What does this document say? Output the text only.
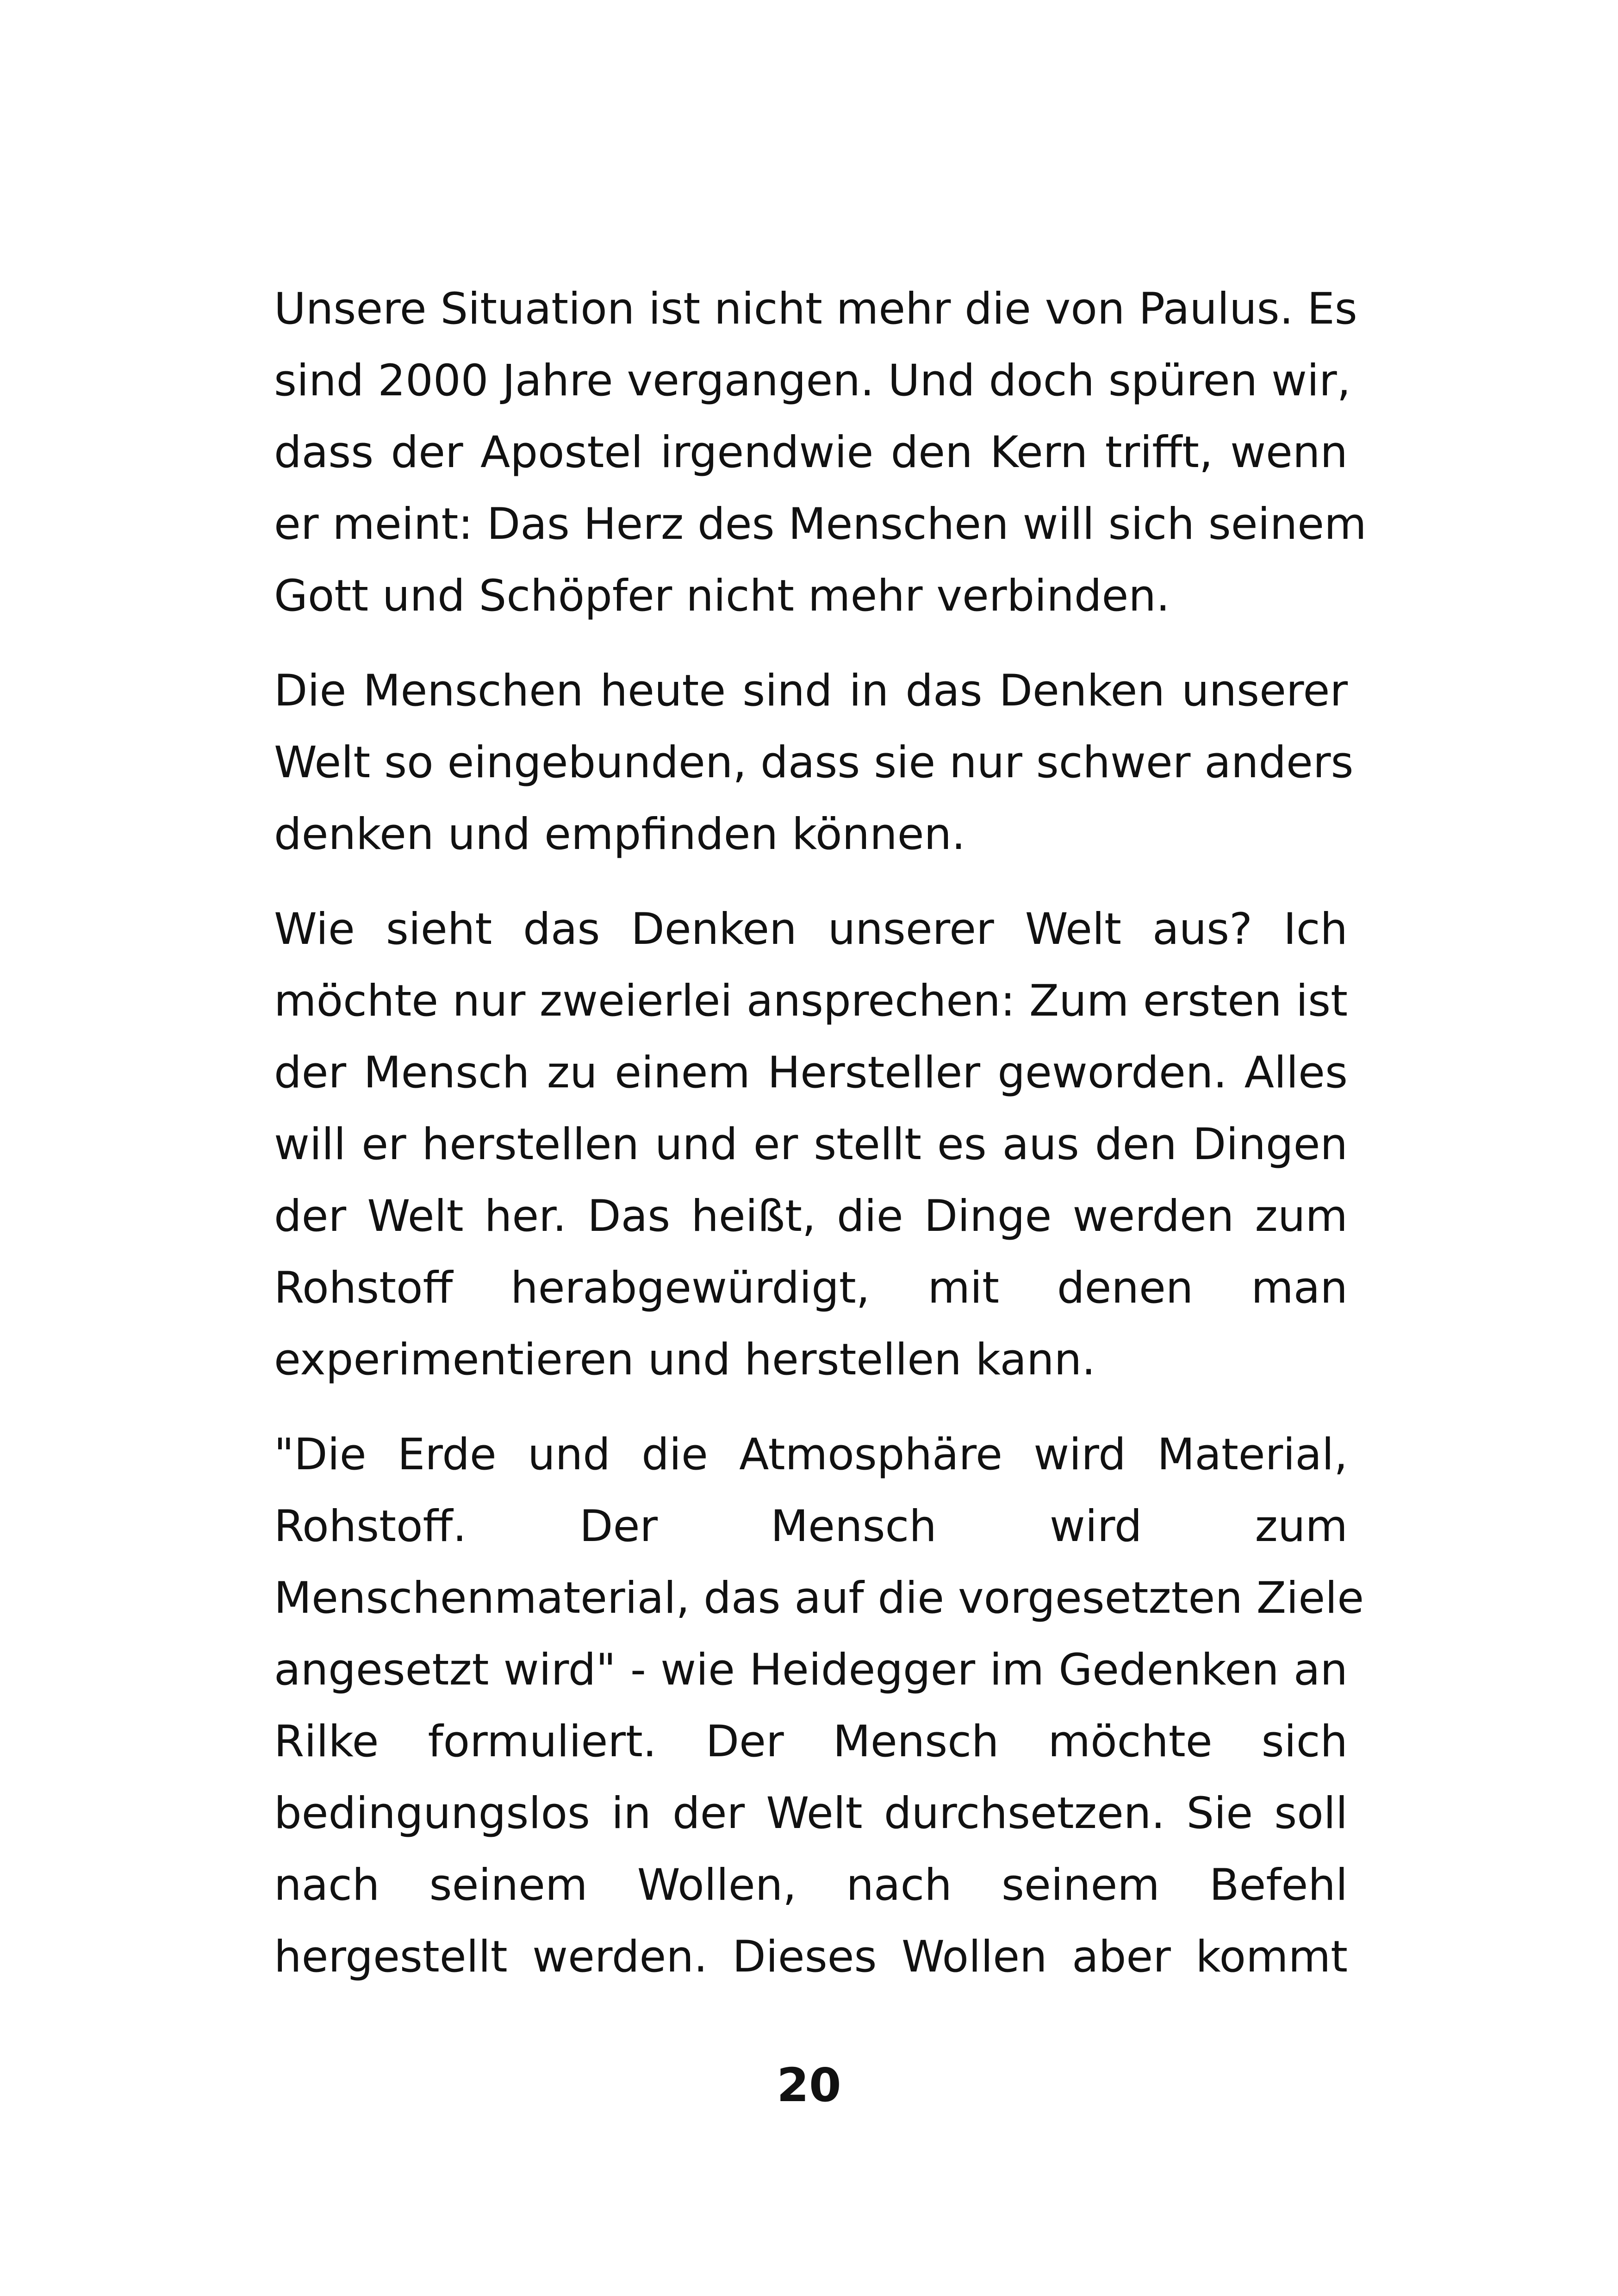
Unsere Situation ist nicht mehr die von Paulus. Es
sind 2000 Jahre vergangen. Und doch spüren wir,
dass der Apostel irgendwie den Kern trifft, wenn
er meint: Das Herz des Menschen will sich seinem
Gott und Schöpfer nicht mehr verbinden.
Die Menschen heute sind in das Denken unserer
Welt so eingebunden, dass sie nur schwer anders
denken und empfinden können.
Wie sieht das Denken unserer Welt aus? Ich
möchte nur zweierlei ansprechen: Zum ersten ist
der Mensch zu einem Hersteller geworden. Alles
will er herstellen und er stellt es aus den Dingen
der Welt her. Das heißt, die Dinge werden zum
Rohstoff herabgewürdigt, mit denen man
experimentieren und herstellen kann.
"Die Erde und die Atmosphäre wird Material,
Rohstoff. Der Mensch wird zum
Menschenmaterial, das auf die vorgesetzten Ziele
angesetzt wird" - wie Heidegger im Gedenken an
Rilke formuliert. Der Mensch möchte sich
bedingungslos in der Welt durchsetzen. Sie soll
nach seinem Wollen, nach seinem Befehl
hergestellt werden. Dieses Wollen aber kommt
20
